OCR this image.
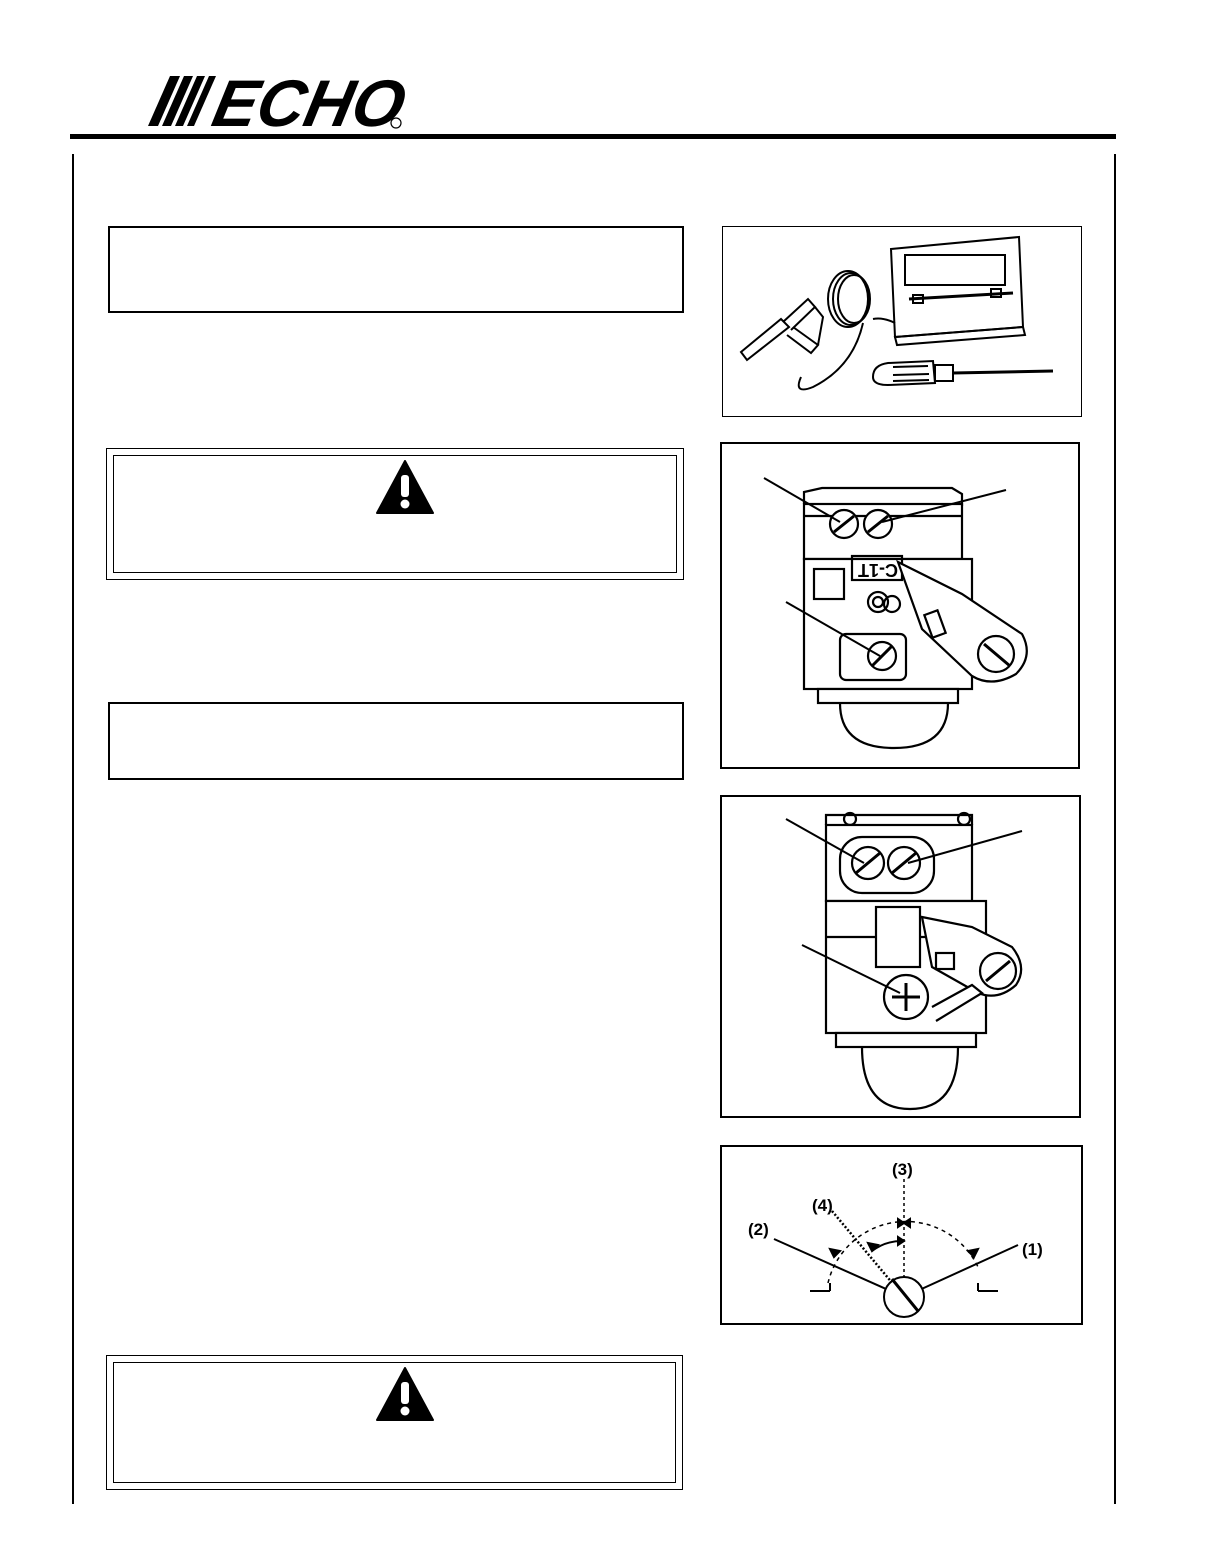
ECHO
C-1T
(3)
(4)
(2)
(1)
